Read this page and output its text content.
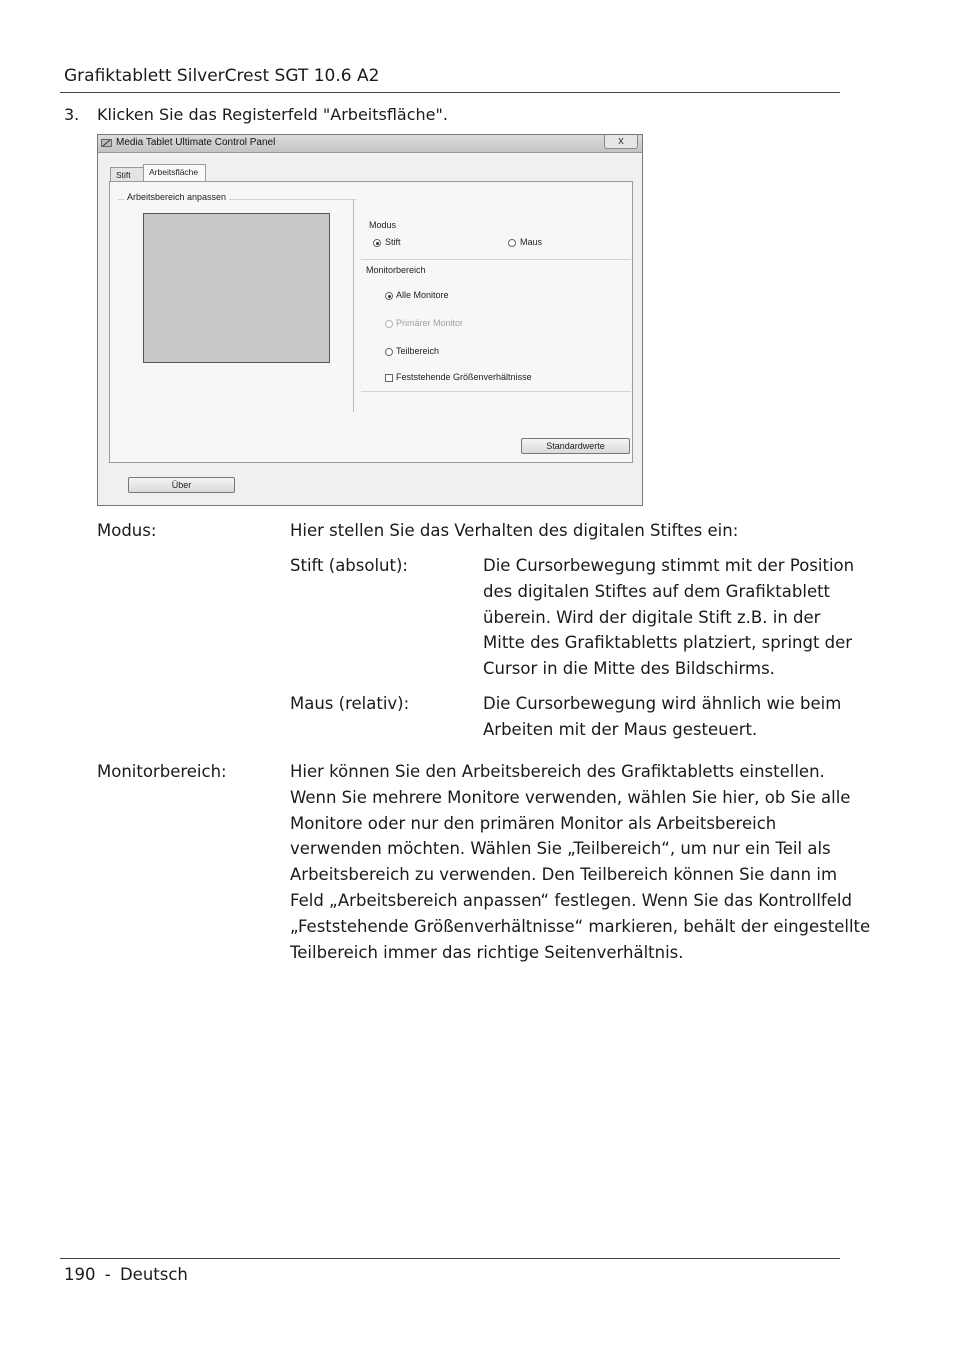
Grafiktablett SilverCrest SGT 10.6 A2
3. Klicken Sie das Registerfeld "Arbeitsfläche".
Media Tablet Ultimate Control Panel	x
Stift	Arbeitsfläche
Arbeitsbereich anpassen
Modus
Stift	Maus
Monitorbereich
Alle Monitore
Primärer Monitor
Teilbereich
Feststehende Größenverhältnisse
Standardwerte
Über
Modus:	Hier stellen Sie das Verhalten des digitalen Stiftes ein:
Stift (absolut):	Die Cursorbewegung stimmt mit der Position
des digitalen Stiftes auf dem Grafiktablett
überein. Wird der digitale Stift z.B. in der
Mitte des Grafiktabletts platziert, springt der
Cursor in die Mitte des Bildschirms.
Maus (relativ):	Die Cursorbewegung wird ähnlich wie beim
Arbeiten mit der Maus gesteuert.
Monitorbereich:	Hier können Sie den Arbeitsbereich des Grafiktabletts einstellen.
Wenn Sie mehrere Monitore verwenden, wählen Sie hier, ob Sie alle
Monitore oder nur den primären Monitor als Arbeitsbereich
verwenden möchten. Wählen Sie „Teilbereich“, um nur ein Teil als
Arbeitsbereich zu verwenden. Den Teilbereich können Sie dann im
Feld „Arbeitsbereich anpassen“ festlegen. Wenn Sie das Kontrollfeld
„Feststehende Größenverhältnisse“ markieren, behält der eingestellte
Teilbereich immer das richtige Seitenverhältnis.
190 - Deutsch
